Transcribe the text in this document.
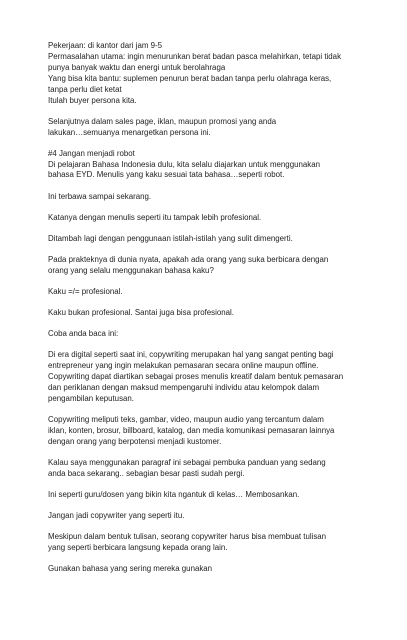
Pekerjaan: di kantor dari jam 9-5
Permasalahan utama: ingin menurunkan berat badan pasca melahirkan, tetapi tidak
punya banyak waktu dan energi untuk berolahraga
Yang bisa kita bantu: suplemen penurun berat badan tanpa perlu olahraga keras,
tanpa perlu diet ketat
Itulah buyer persona kita.
Selanjutnya dalam sales page, iklan, maupun promosi yang anda
lakukan…semuanya menargetkan persona ini.
#4 Jangan menjadi robot
Di pelajaran Bahasa Indonesia dulu, kita selalu diajarkan untuk menggunakan
bahasa EYD. Menulis yang kaku sesuai tata bahasa…seperti robot.
Ini terbawa sampai sekarang.
Katanya dengan menulis seperti itu tampak lebih profesional.
Ditambah lagi dengan penggunaan istilah-istilah yang sulit dimengerti.
Pada prakteknya di dunia nyata, apakah ada orang yang suka berbicara dengan
orang yang selalu menggunakan bahasa kaku?
Kaku =/= profesional.
Kaku bukan profesional. Santai juga bisa profesional.
Coba anda baca ini:
Di era digital seperti saat ini, copywriting merupakan hal yang sangat penting bagi
entrepreneur yang ingin melakukan pemasaran secara online maupun offline.
Copywriting dapat diartikan sebagai proses menulis kreatif dalam bentuk pemasaran
dan periklanan dengan maksud mempengaruhi individu atau kelompok dalam
pengambilan keputusan.
Copywriting meliputi teks, gambar, video, maupun audio yang tercantum dalam
iklan, konten, brosur, billboard, katalog, dan media komunikasi pemasaran lainnya
dengan orang yang berpotensi menjadi kustomer.
Kalau saya menggunakan paragraf ini sebagai pembuka panduan yang sedang
anda baca sekarang.. sebagian besar pasti sudah pergi.
Ini seperti guru/dosen yang bikin kita ngantuk di kelas… Membosankan.
Jangan jadi copywriter yang seperti itu.
Meskipun dalam bentuk tulisan, seorang copywriter harus bisa membuat tulisan
yang seperti berbicara langsung kepada orang lain.
Gunakan bahasa yang sering mereka gunakan
